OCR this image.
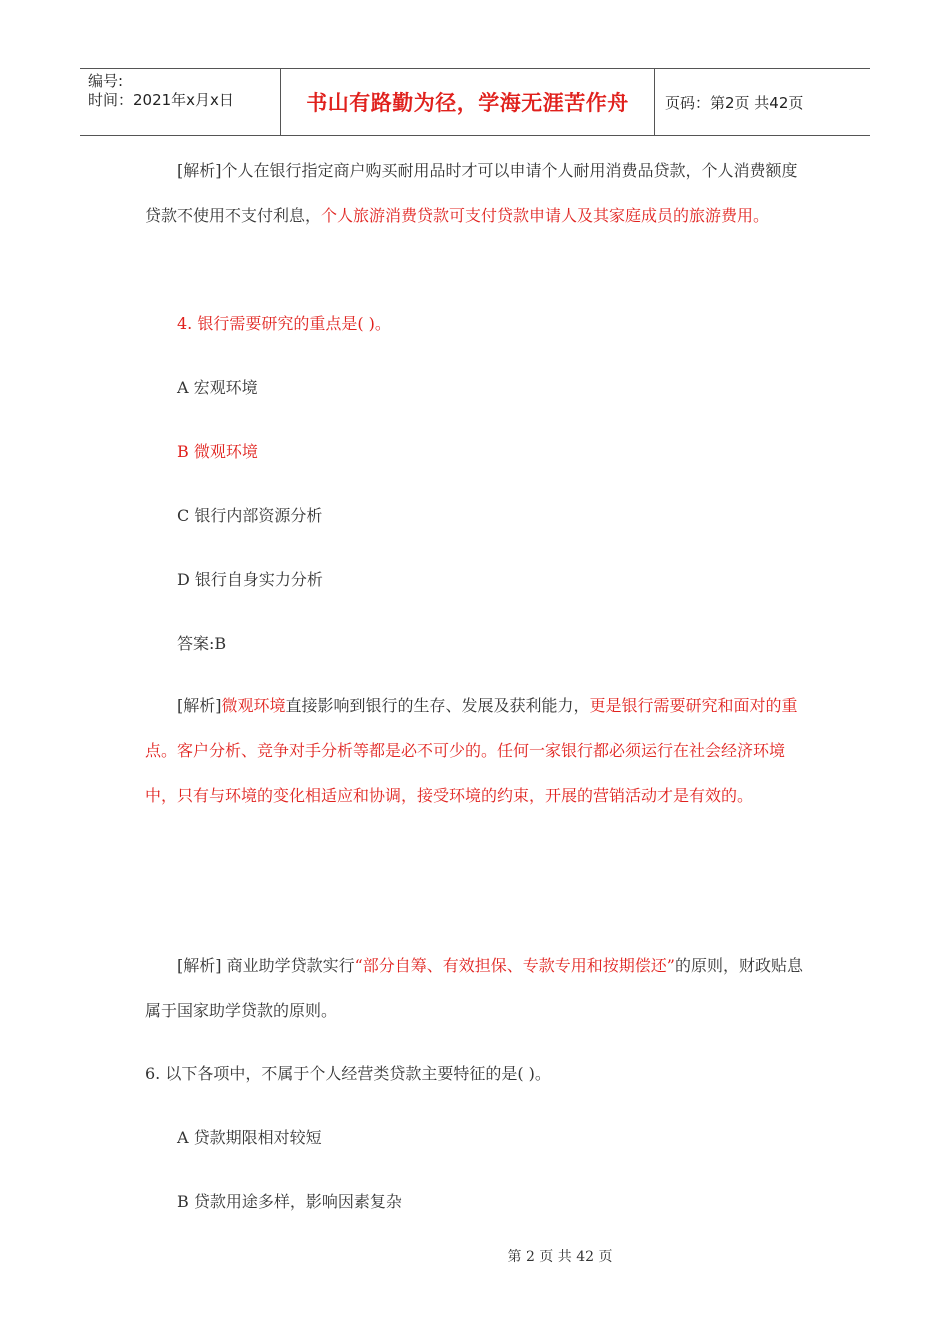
编号:
时间：2021年x月x日	书山有路勤为径，学海无涯苦作舟 页码：第2页 共42页
[解析]个人在银行指定商户购买耐用品时才可以申请个人耐用消费品贷款，个人消费额度贷款不使用不支付利息，个人旅游消费贷款可支付贷款申请人及其家庭成员的旅游费用。
4. 银行需要研究的重点是( )。
A 宏观环境
B 微观环境
C 银行内部资源分析
D 银行自身实力分析
答案:B
[解析]微观环境直接影响到银行的生存、发展及获利能力，更是银行需要研究和面对的重点。客户分析、竞争对手分析等都是必不可少的。任何一家银行都必须运行在社会经济环境中，只有与环境的变化相适应和协调，接受环境的约束，开展的营销活动才是有效的。
[解析] 商业助学贷款实行“部分自筹、有效担保、专款专用和按期偿还”的原则，财政贴息属于国家助学贷款的原则。
6. 以下各项中，不属于个人经营类贷款主要特征的是( )。
A 贷款期限相对较短
B 贷款用途多样，影响因素复杂
第 2 页 共 42 页
